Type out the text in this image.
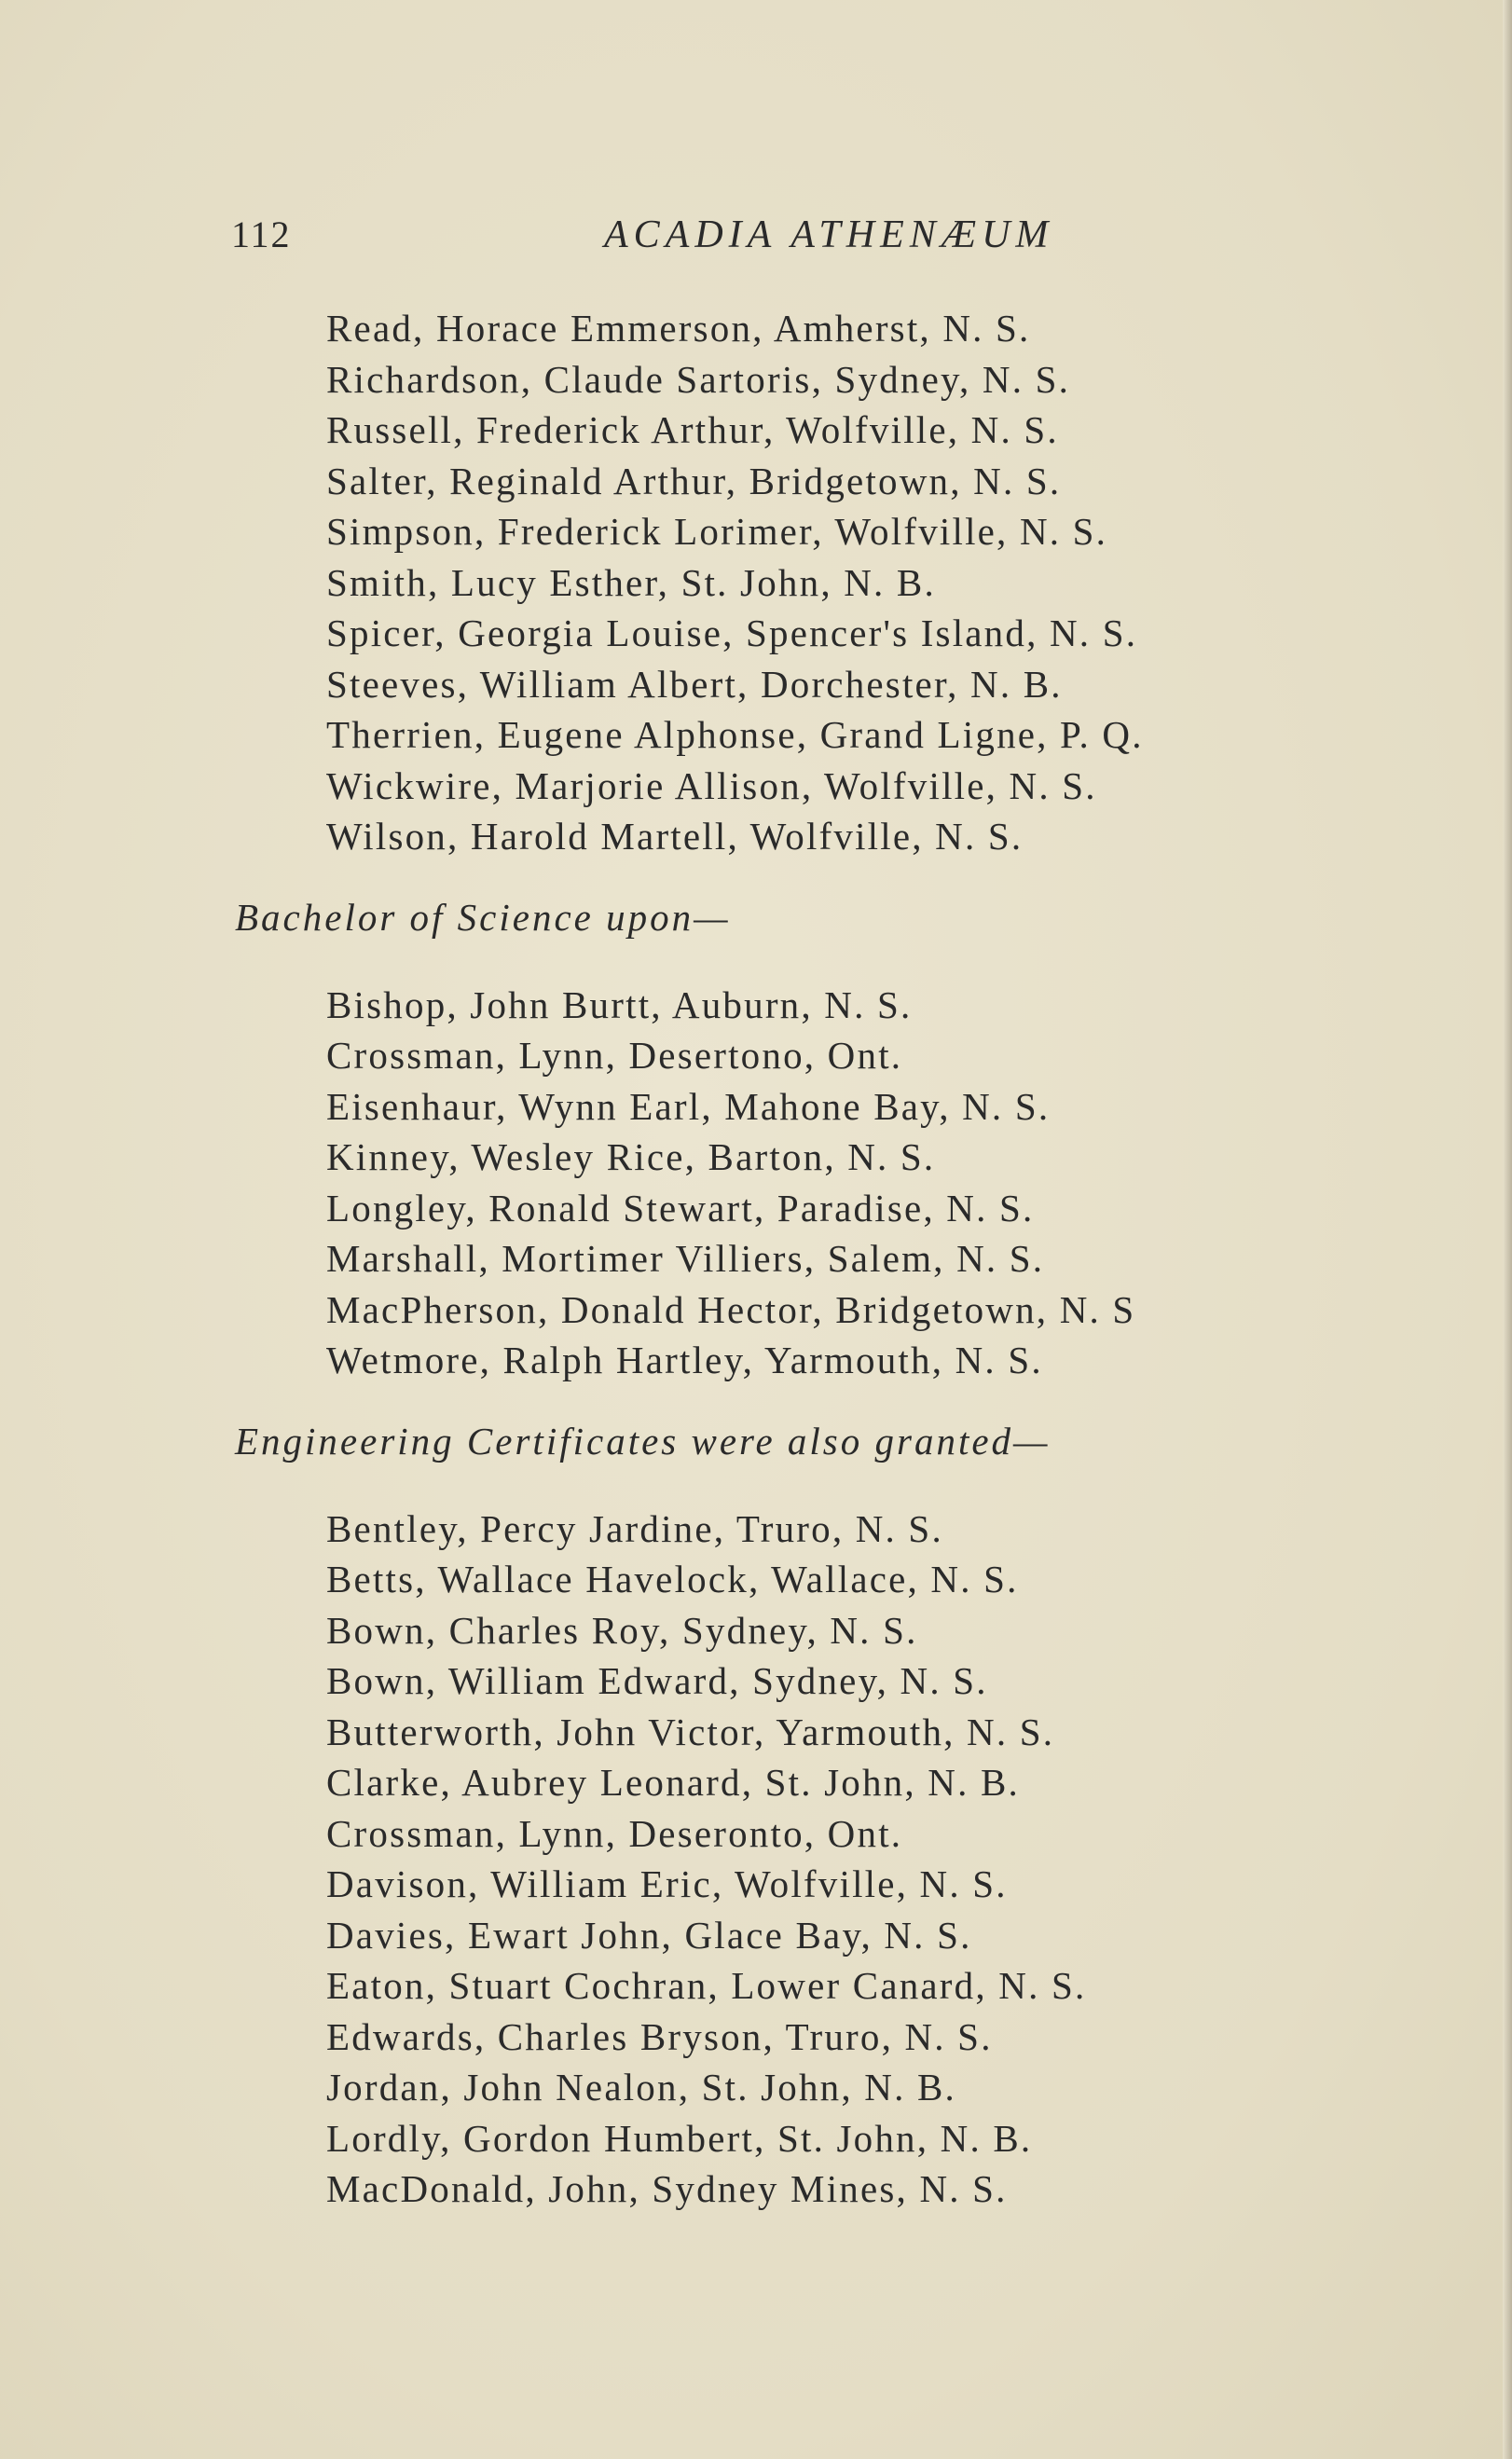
112	ACADIA ATHENÆUM
Read, Horace Emmerson, Amherst, N. S.
Richardson, Claude Sartoris, Sydney, N. S.
Russell, Frederick Arthur, Wolfville, N. S.
Salter, Reginald Arthur, Bridgetown, N. S.
Simpson, Frederick Lorimer, Wolfville, N. S.
Smith, Lucy Esther, St. John, N. B.
Spicer, Georgia Louise, Spencer's Island, N. S.
Steeves, William Albert, Dorchester, N. B.
Therrien, Eugene Alphonse, Grand Ligne, P. Q.
Wickwire, Marjorie Allison, Wolfville, N. S.
Wilson, Harold Martell, Wolfville, N. S.
Bachelor of Science upon—
Bishop, John Burtt, Auburn, N. S.
Crossman, Lynn, Desertono, Ont.
Eisenhaur, Wynn Earl, Mahone Bay, N. S.
Kinney, Wesley Rice, Barton, N. S.
Longley, Ronald Stewart, Paradise, N. S.
Marshall, Mortimer Villiers, Salem, N. S.
MacPherson, Donald Hector, Bridgetown, N. S
Wetmore, Ralph Hartley, Yarmouth, N. S.
Engineering Certificates were also granted—
Bentley, Percy Jardine, Truro, N. S.
Betts, Wallace Havelock, Wallace, N. S.
Bown, Charles Roy, Sydney, N. S.
Bown, William Edward, Sydney, N. S.
Butterworth, John Victor, Yarmouth, N. S.
Clarke, Aubrey Leonard, St. John, N. B.
Crossman, Lynn, Deseronto, Ont.
Davison, William Eric, Wolfville, N. S.
Davies, Ewart John, Glace Bay, N. S.
Eaton, Stuart Cochran, Lower Canard, N. S.
Edwards, Charles Bryson, Truro, N. S.
Jordan, John Nealon, St. John, N. B.
Lordly, Gordon Humbert, St. John, N. B.
MacDonald, John, Sydney Mines, N. S.
